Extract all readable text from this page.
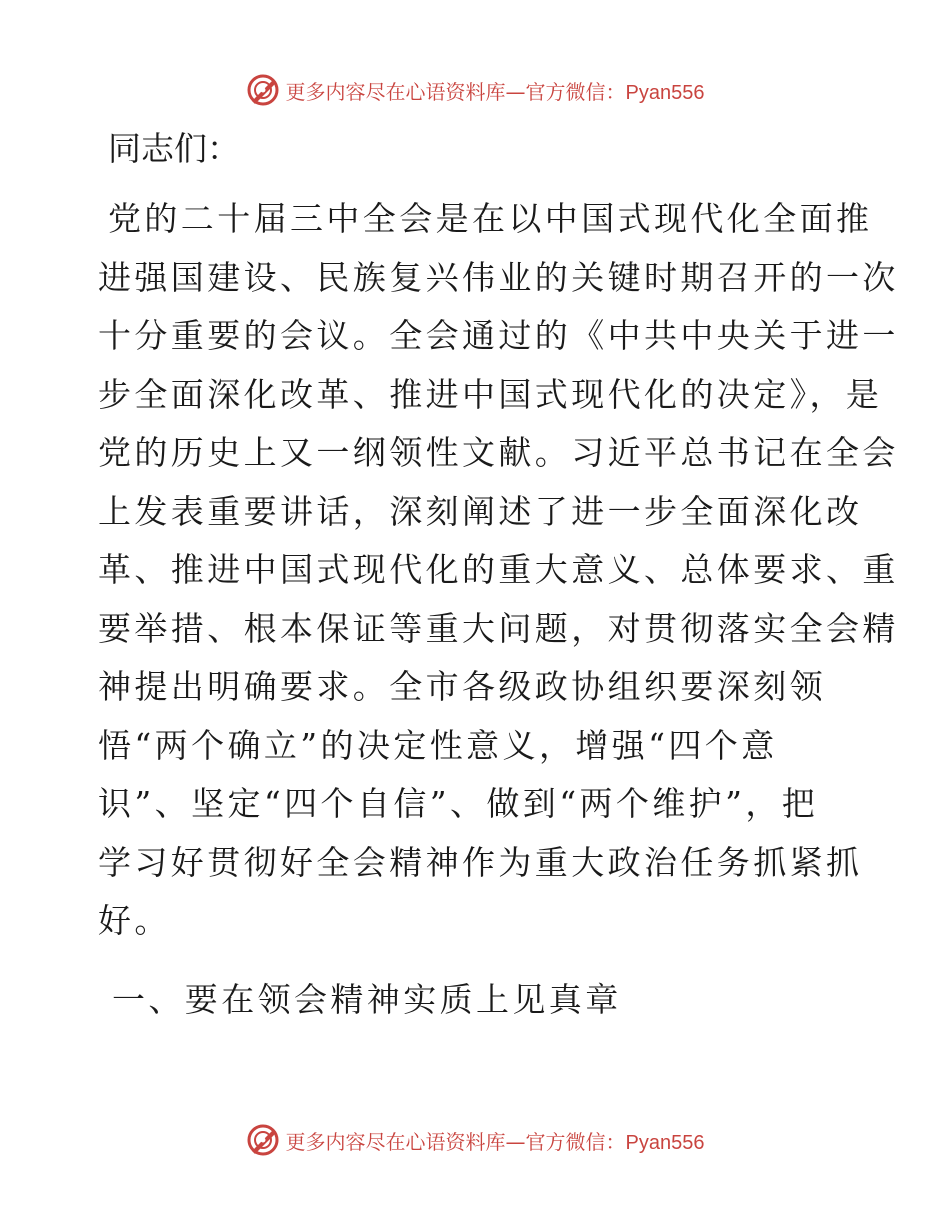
更多内容尽在心语资料库—官方微信：Pyan556
同志们：
党的二十届三中全会是在以中国式现代化全面推
进强国建设、民族复兴伟业的关键时期召开的一次
十分重要的会议。全会通过的《中共中央关于进一
步全面深化改革、推进中国式现代化的决定》，是
党的历史上又一纲领性文献。习近平总书记在全会
上发表重要讲话，深刻阐述了进一步全面深化改
革、推进中国式现代化的重大意义、总体要求、重
要举措、根本保证等重大问题，对贯彻落实全会精
神提出明确要求。全市各级政协组织要深刻领
悟“两个确立”的决定性意义，增强“四个意
识”、坚定“四个自信”、做到“两个维护”，把
学习好贯彻好全会精神作为重大政治任务抓紧抓
好。
一、要在领会精神实质上见真章
更多内容尽在心语资料库—官方微信：Pyan556
